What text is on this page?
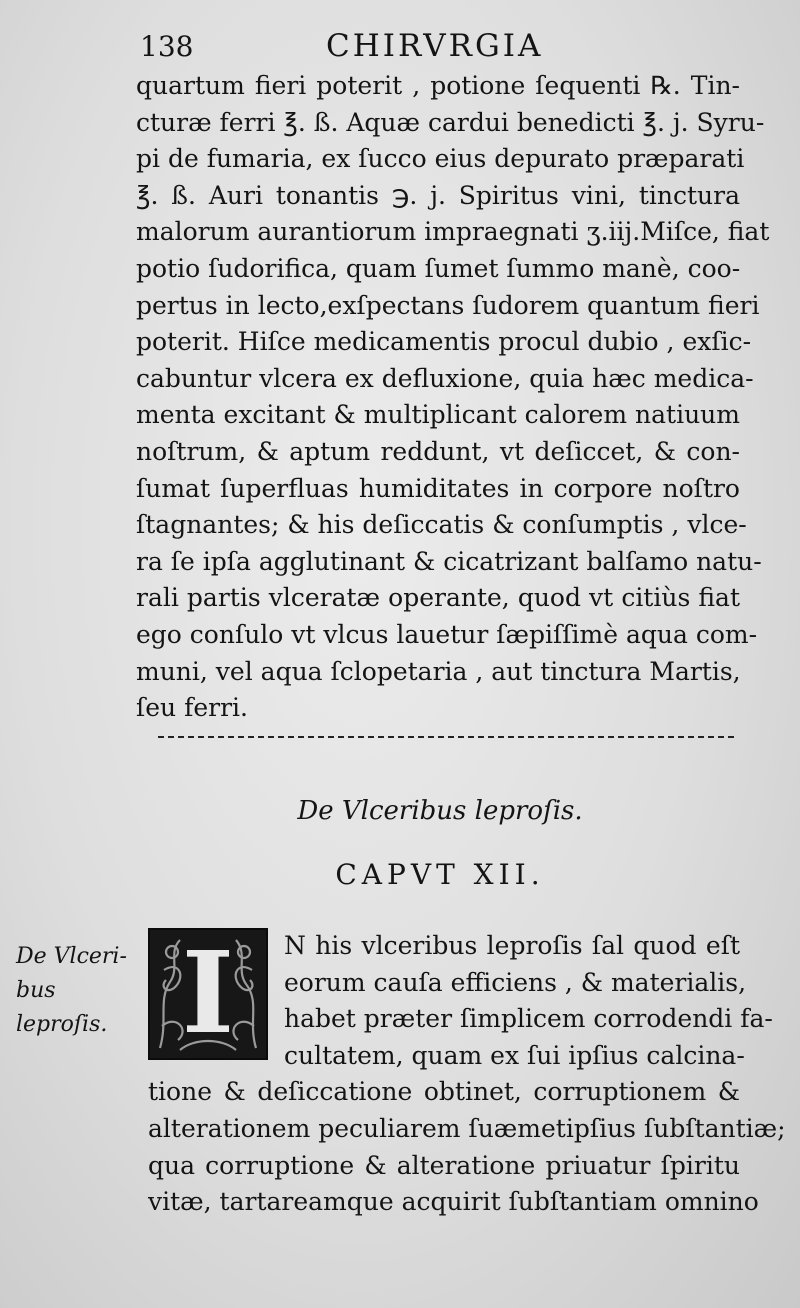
138	CHIRVRGIA
quartum fieri poterit , potione ſequenti ℞. Tin-
cturæ ferri ℥. ß. Aquæ cardui benedicti ℥. j. Syru-
pi de fumaria, ex ſucco eius depurato præparati
℥. ß. Auri tonantis ℈. j. Spiritus vini, tinctura
malorum aurantiorum impraegnati ʒ.iij.Miſce, fiat
potio ſudorifica, quam ſumet ſummo manè, coo-
pertus in lecto,exſpectans ſudorem quantum fieri
poterit. Hiſce medicamentis procul dubio , exſic-
cabuntur vlcera ex defluxione, quia hæc medica-
menta excitant & multiplicant calorem natiuum
noſtrum, & aptum reddunt, vt deſiccet, & con-
ſumat ſuperfluas humiditates in corpore noſtro
ſtagnantes; & his deſiccatis & conſumptis , vlce-
ra ſe ipſa agglutinant & cicatrizant balſamo natu-
rali partis vlceratæ operante, quod vt citiùs fiat
ego conſulo vt vlcus lauetur ſæpiſſimè aqua com-
muni, vel aqua ſclopetaria , aut tinctura Martis,
ſeu ferri.
De Vlceribus leproſis.
CAPVT XII.
De Vlceri-
bus leproſis.
N his vlceribus leproſis ſal quod eſt
eorum cauſa efficiens , & materialis,
habet præter ſimplicem corrodendi fa-
cultatem, quam ex ſui ipſius calcina-
tione & deſiccatione obtinet, corruptionem &
alterationem peculiarem ſuæmetipſius ſubſtantiæ;
qua corruptione & alteratione priuatur ſpiritu
vitæ, tartareamque acquirit ſubſtantiam omnino
I
